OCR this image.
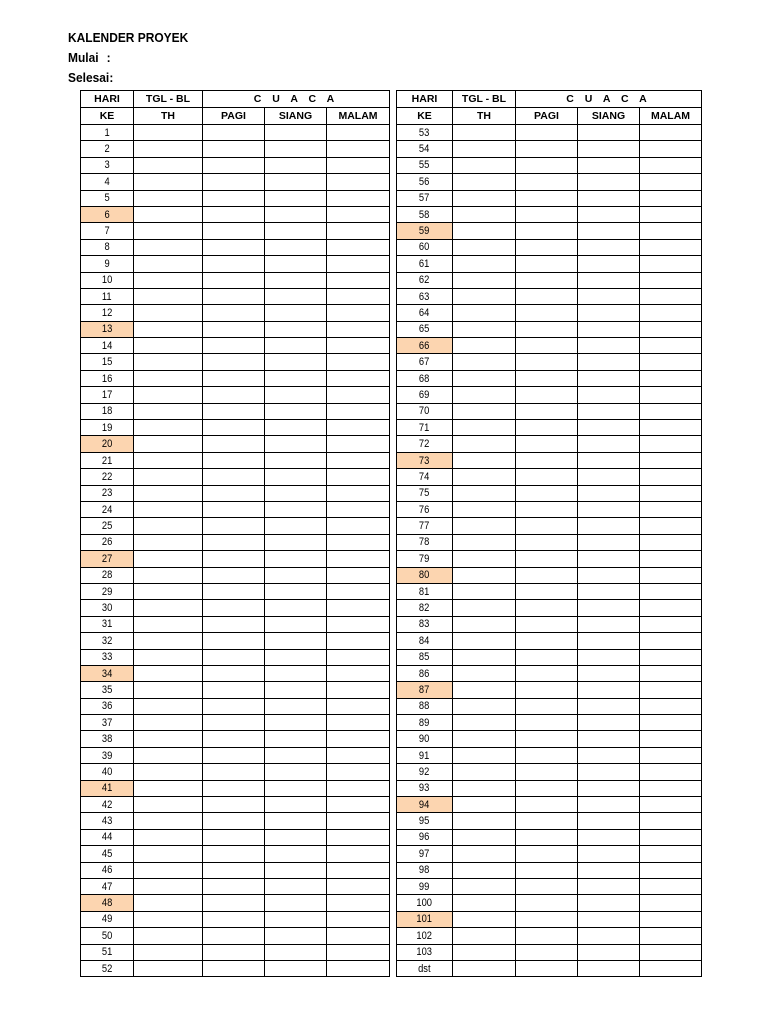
KALENDER PROYEK
Mulai :
Selesai:
HARI	TGL - BL	C U A C A		
KE	TH	PAGI	SIANG	MALAM
1				
2				
3				
4				
5				
6				
7				
8				
9				
10				
11				
12				
13				
14				
15				
16				
17				
18				
19				
20				
21				
22				
23				
24				
25				
26				
27				
28				
29				
30				
31				
32				
33				
34				
35				
36				
37				
38				
39				
40				
41				
42				
43				
44				
45				
46				
47				
48				
49				
50				
51				
52				
HARI	TGL - BL	C U A C A		
KE	TH	PAGI	SIANG	MALAM
53				
54				
55				
56				
57				
58				
59				
60				
61				
62				
63				
64				
65				
66				
67				
68				
69				
70				
71				
72				
73				
74				
75				
76				
77				
78				
79				
80				
81				
82				
83				
84				
85				
86				
87				
88				
89				
90				
91				
92				
93				
94				
95				
96				
97				
98				
99				
100				
101				
102				
103				
dst				
